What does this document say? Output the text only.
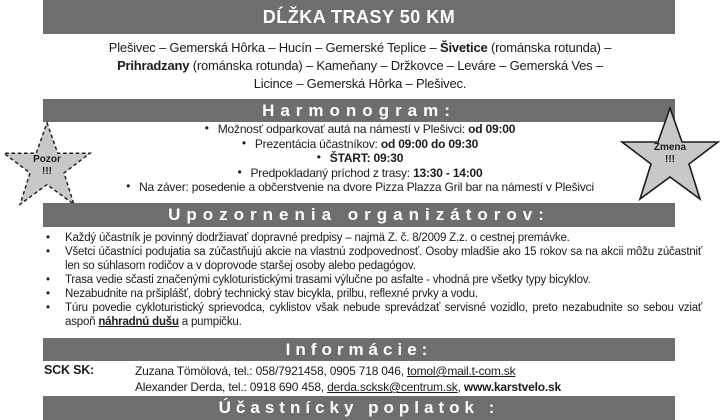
DĹŽKA TRASY 50 KM
Plešivec – Gemerská Hôrka – Hucín – Gemerské Teplice – Šivetice (románska rotunda) –
Prihradzany (románska rotunda) – Kameňany – Držkovce – Leváre – Gemerská Ves –
Licince – Gemerská Hôrka – Plešivec.
Harmonogram:
• Možnosť odparkovať autá na námestí v Plešivci: od 09:00
• Prezentácia účastníkov: od 09:00 do 09:30
• ŠTART: 09:30
• Predpokladaný príchod z trasy: 13:30 - 14:00
• Na záver: posedenie a občerstvenie na dvore Pizza Plazza Gril bar na námestí v Plešivci
Pozor
!!!
Zmena
!!!
Upozornenia organizátorov:
• Každý účastník je povinný dodržiavať dopravné predpisy – najmä Z. č. 8/2009 Z.z. o cestnej premávke.
• Všetci účastníci podujatia sa zúčastňujú akcie na vlastnú zodpovednosť. Osoby mladšie ako 15 rokov sa na akcii môžu zúčastniť len so súhlasom rodičov a v doprovode staršej osoby alebo pedagógov.
• Trasa vedie sčasti značenými cykloturistickými trasami výlučne po asfalte - vhodná pre všetky typy bicyklov.
• Nezabudnite na pršiplášť, dobrý technický stav bicykla, prilbu, reflexné prvky a vodu.
• Túru povedie cykloturistický sprievodca, cyklistov však nebude sprevádzať servisné vozidlo, preto nezabudnite so sebou vziať aspoň náhradnú dušu a pumpičku.
Informácie:
SCK SK:	Zuzana Tömölová, tel.: 058/7921458, 0905 718 046, tomol@mail.t-com.sk
Alexander Derda, tel.: 0918 690 458, derda.scksk@centrum.sk, www.karstvelo.sk
Účastnícky poplatok :
